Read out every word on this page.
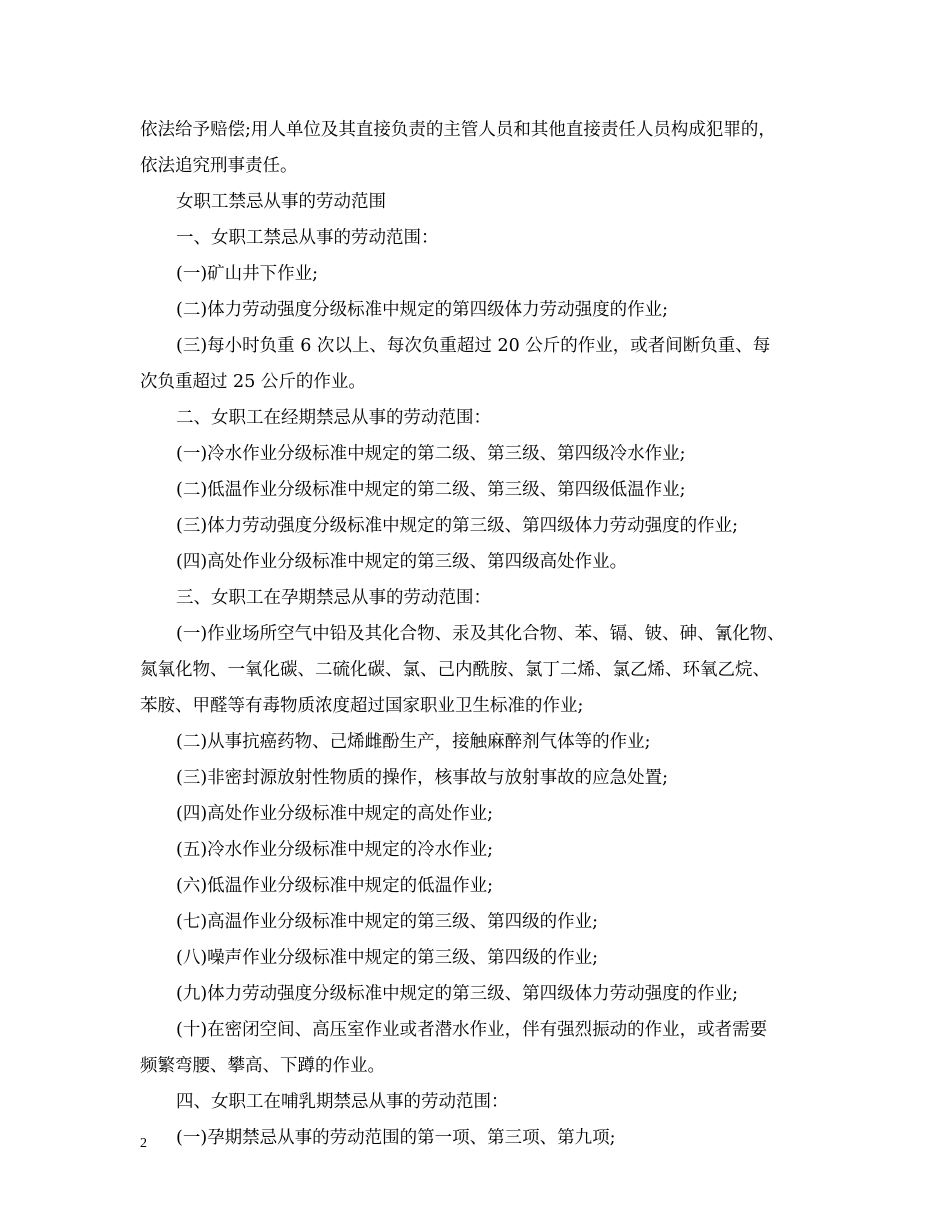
依法给予赔偿;用人单位及其直接负责的主管人员和其他直接责任人员构成犯罪的，
依法追究刑事责任。
女职工禁忌从事的劳动范围
一、女职工禁忌从事的劳动范围：
(一)矿山井下作业;
(二)体力劳动强度分级标准中规定的第四级体力劳动强度的作业;
(三)每小时负重 6 次以上、每次负重超过 20 公斤的作业，或者间断负重、每
次负重超过 25 公斤的作业。
二、女职工在经期禁忌从事的劳动范围：
(一)冷水作业分级标准中规定的第二级、第三级、第四级冷水作业;
(二)低温作业分级标准中规定的第二级、第三级、第四级低温作业;
(三)体力劳动强度分级标准中规定的第三级、第四级体力劳动强度的作业;
(四)高处作业分级标准中规定的第三级、第四级高处作业。
三、女职工在孕期禁忌从事的劳动范围：
(一)作业场所空气中铅及其化合物、汞及其化合物、苯、镉、铍、砷、氰化物、
氮氧化物、一氧化碳、二硫化碳、氯、己内酰胺、氯丁二烯、氯乙烯、环氧乙烷、
苯胺、甲醛等有毒物质浓度超过国家职业卫生标准的作业;
(二)从事抗癌药物、己烯雌酚生产，接触麻醉剂气体等的作业;
(三)非密封源放射性物质的操作，核事故与放射事故的应急处置;
(四)高处作业分级标准中规定的高处作业;
(五)冷水作业分级标准中规定的冷水作业;
(六)低温作业分级标准中规定的低温作业;
(七)高温作业分级标准中规定的第三级、第四级的作业;
(八)噪声作业分级标准中规定的第三级、第四级的作业;
(九)体力劳动强度分级标准中规定的第三级、第四级体力劳动强度的作业;
(十)在密闭空间、高压室作业或者潜水作业，伴有强烈振动的作业，或者需要
频繁弯腰、攀高、下蹲的作业。
四、女职工在哺乳期禁忌从事的劳动范围：
(一)孕期禁忌从事的劳动范围的第一项、第三项、第九项;
2
